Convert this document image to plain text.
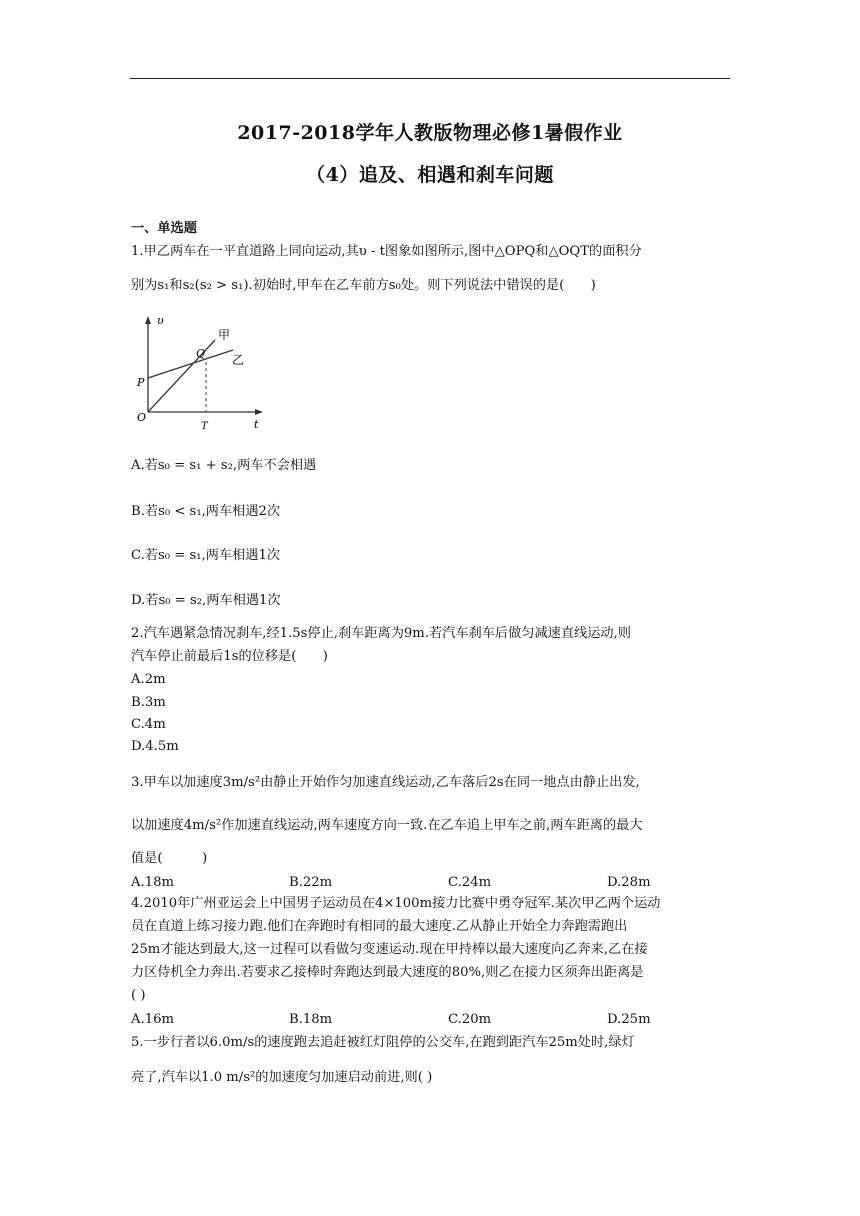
2017-2018学年人教版物理必修1暑假作业
（4）追及、相遇和刹车问题
一、单选题
1.甲乙两车在一平直道路上同向运动,其υ - t图象如图所示,图中△OPQ和△OQT的面积分
别为s₁和s₂(s₂ > s₁).初始时,甲车在乙车前方s₀处。则下列说法中错误的是(　　)
υ
t
O
P
Q
T
甲
乙
A.若s₀ = s₁ + s₂,两车不会相遇
B.若s₀ < s₁,两车相遇2次
C.若s₀ = s₁,两车相遇1次
D.若s₀ = s₂,两车相遇1次
2.汽车遇紧急情况刹车,经1.5s停止,刹车距离为9m.若汽车刹车后做匀减速直线运动,则
汽车停止前最后1s的位移是(　　)
A.2m
B.3m
C.4m
D.4.5m
3.甲车以加速度3m/s²由静止开始作匀加速直线运动,乙车落后2s在同一地点由静止出发,
以加速度4m/s²作加速直线运动,两车速度方向一致.在乙车追上甲车之前,两车距离的最大
值是(　　　)
A.18m	B.22m	C.24m	D.28m
4.2010年广州亚运会上中国男子运动员在4×100m接力比赛中勇夺冠军.某次甲乙两个运动
员在直道上练习接力跑.他们在奔跑时有相同的最大速度.乙从静止开始全力奔跑需跑出
25m才能达到最大,这一过程可以看做匀变速运动.现在甲持棒以最大速度向乙奔来,乙在接
力区侍机全力奔出.若要求乙接棒时奔跑达到最大速度的80%,则乙在接力区须奔出距离是
( )
A.16m	B.18m	C.20m	D.25m
5.一步行者以6.0m/s的速度跑去追赶被红灯阻停的公交车,在跑到距汽车25m处时,绿灯
亮了,汽车以1.0 m/s²的加速度匀加速启动前进,则( )
